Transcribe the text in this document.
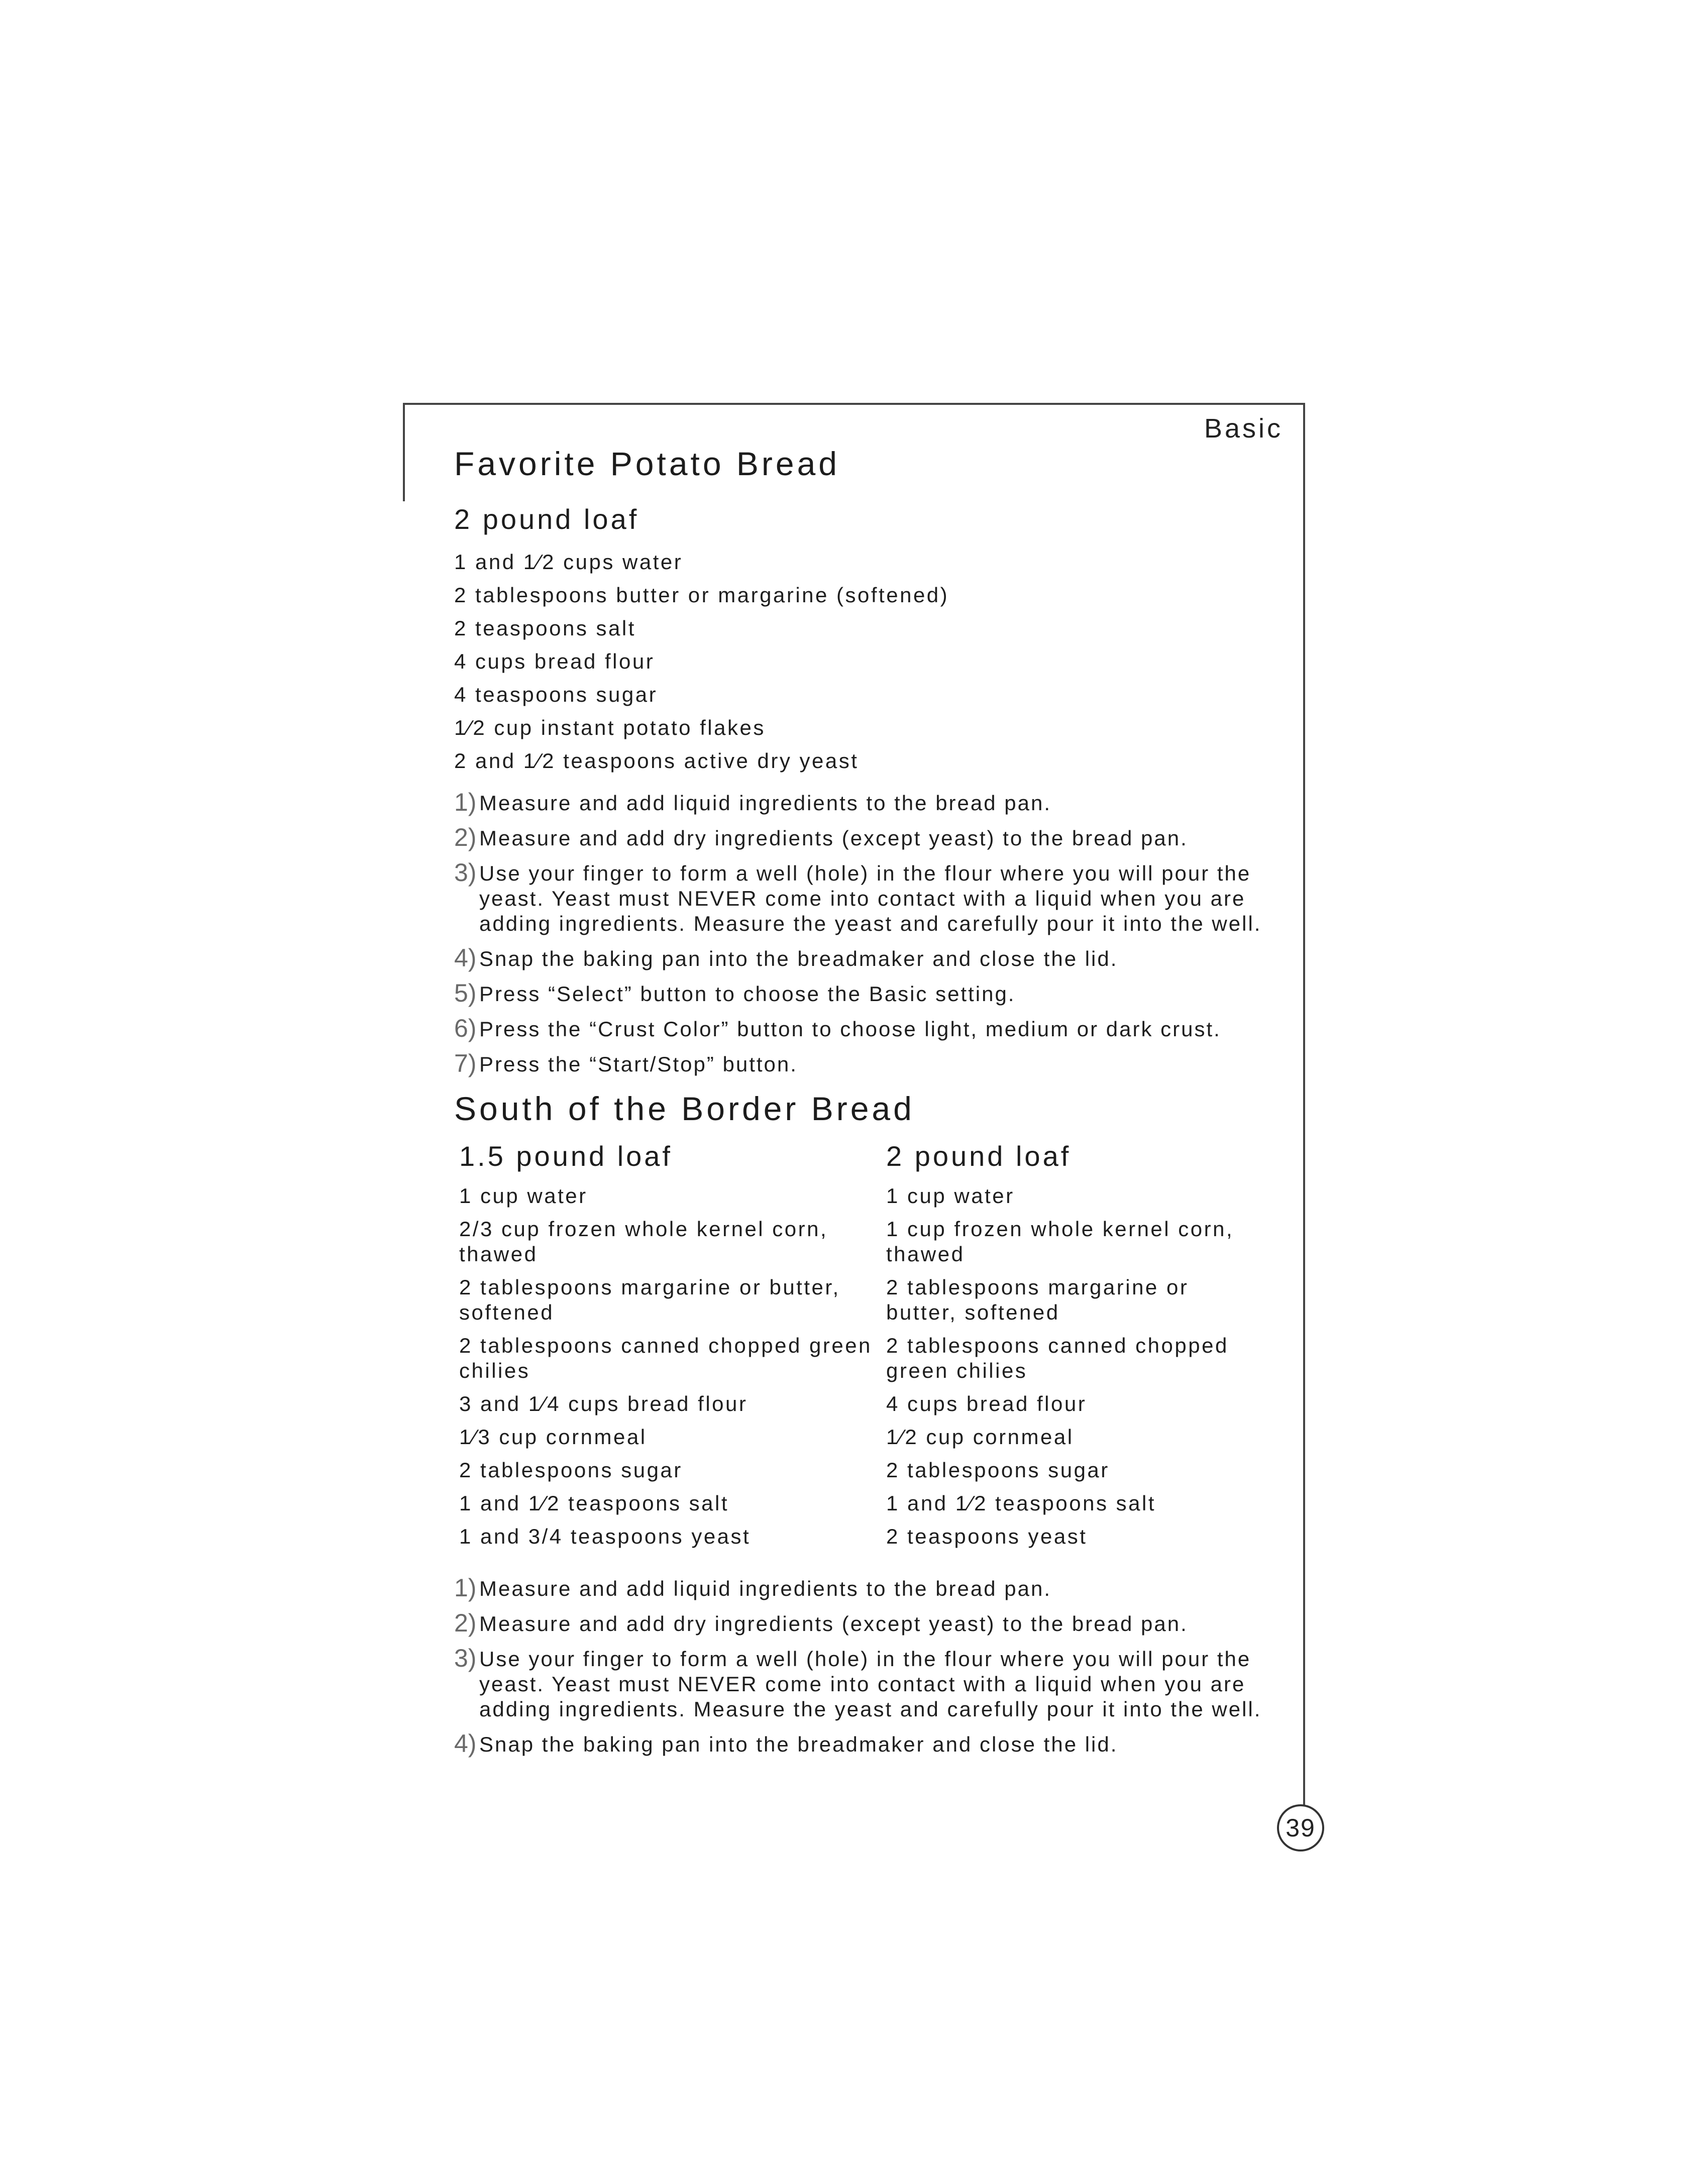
Basic
Favorite Potato Bread
2 pound loaf
1 and 1⁄2 cups water
2 tablespoons butter or margarine (softened)
2 teaspoons salt
4 cups bread flour
4 teaspoons sugar
1⁄2 cup instant potato flakes
2 and 1⁄2 teaspoons active dry yeast
1) Measure and add liquid ingredients to the bread pan.
2) Measure and add dry ingredients (except yeast) to the bread pan.
3) Use your finger to form a well (hole) in the flour where you will pour the yeast. Yeast must NEVER come into contact with a liquid when you are adding ingredients. Measure the yeast and carefully pour it into the well.
4) Snap the baking pan into the breadmaker and close the lid.
5) Press “Select” button to choose the Basic setting.
6) Press the “Crust Color” button to choose light, medium or dark crust.
7) Press the “Start/Stop” button.
South of the Border Bread
1.5 pound loaf
1 cup water
2/3 cup frozen whole kernel corn, thawed
2 tablespoons margarine or butter, softened
2 tablespoons canned chopped green chilies
3 and 1⁄4 cups bread flour
1⁄3 cup cornmeal
2 tablespoons sugar
1 and 1⁄2 teaspoons salt
1 and 3/4 teaspoons yeast
2 pound loaf
1 cup water
1 cup frozen whole kernel corn, thawed
2 tablespoons margarine or butter, softened
2 tablespoons canned chopped green chilies
4 cups bread flour
1⁄2 cup cornmeal
2 tablespoons sugar
1 and 1⁄2 teaspoons salt
2 teaspoons yeast
1) Measure and add liquid ingredients to the bread pan.
2) Measure and add dry ingredients (except yeast) to the bread pan.
3) Use your finger to form a well (hole) in the flour where you will pour the yeast. Yeast must NEVER come into contact with a liquid when you are adding ingredients. Measure the yeast and carefully pour it into the well.
4) Snap the baking pan into the breadmaker and close the lid.
39
